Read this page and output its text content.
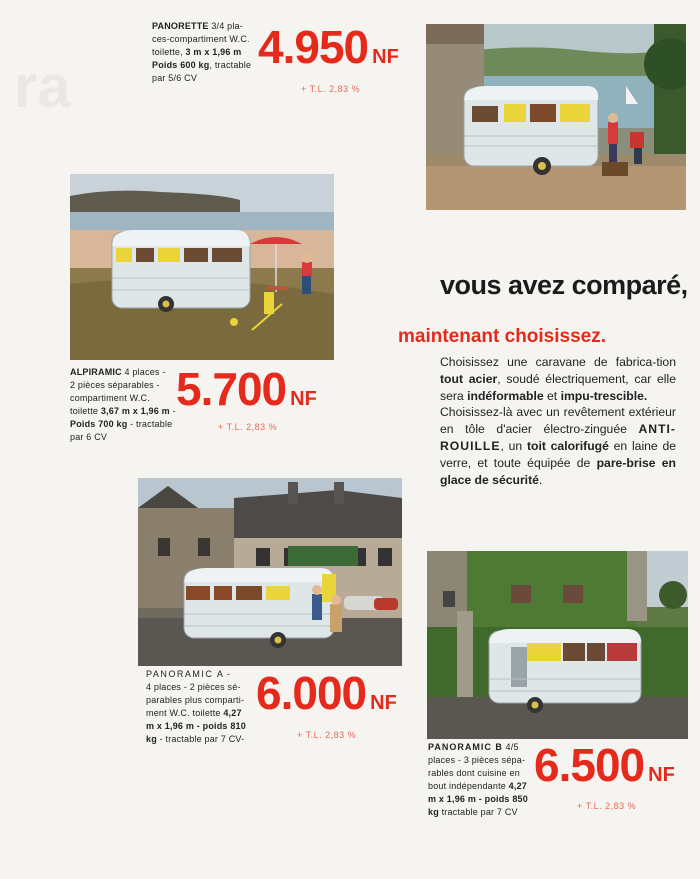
ra
PANORETTE 3/4 pla-
ces-compartiment W.C.
toilette, 3 m x 1,96 m
Poids 600 kg, tractable
par 5/6 CV
4.950 NF
+ T.L. 2,83 %
ALPIRAMIC 4 places -
2 pièces séparables -
compartiment W.C.
toilette 3,67 m x 1,96 m -
Poids 700 kg - tractable
par 6 CV
5.700 NF
+ T.L. 2,83 %
vous avez comparé,
maintenant choisissez.
Choisissez une caravane de fabrica-tion tout acier, soudé électriquement, car elle sera indéformable et impu-trescible.
Choisissez-là avec un revêtement extérieur en tôle d'acier électro-zinguée ANTI-ROUILLE, un toit calorifugé en laine de verre, et toute équipée de pare-brise en glace de sécurité.
PANORAMIC A -
4 places - 2 pièces sé-
parables plus comparti-
ment W.C. toilette 4,27
m x 1,96 m - poids 810
kg - tractable par 7 CV-
6.000 NF
+ T.L. 2,83 %
PANORAMIC B 4/5
places - 3 pièces sépa-
rables dont cuisine en
bout indépendante 4,27
m x 1,96 m - poids 850
kg tractable par 7 CV
6.500 NF
+ T.L. 2,83 %
